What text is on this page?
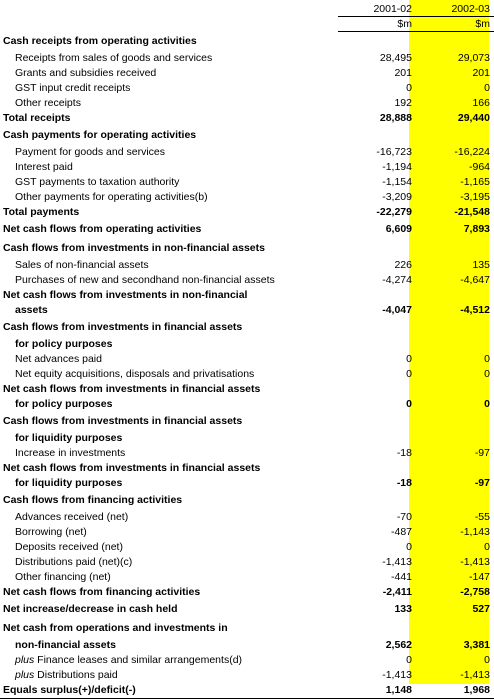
	2001-02	2002-03
	$m	$m
Cash receipts from operating activities		
Receipts from sales of goods and services	28,495	29,073
Grants and subsidies received	201	201
GST input credit receipts	0	0
Other receipts	192	166
Total receipts	28,888	29,440
Cash payments for operating activities		
Payment for goods and services	-16,723	-16,224
Interest paid	-1,194	-964
GST payments to taxation authority	-1,154	-1,165
Other payments for operating activities(b)	-3,209	-3,195
Total payments	-22,279	-21,548
Net cash flows from operating activities	6,609	7,893
Cash flows from investments in non-financial assets		
Sales of non-financial assets	226	135
Purchases of new and secondhand non-financial assets	-4,274	-4,647
Net cash flows from investments in non-financial		
assets	-4,047	-4,512
Cash flows from investments in financial assets		
for policy purposes		
Net advances paid	0	0
Net equity acquisitions, disposals and privatisations	0	0
Net cash flows from investments in financial assets		
for policy purposes	0	0
Cash flows from investments in financial assets		
for liquidity purposes		
Increase in investments	-18	-97
Net cash flows from investments in financial assets		
for liquidity purposes	-18	-97
Cash flows from financing activities		
Advances received (net)	-70	-55
Borrowing (net)	-487	-1,143
Deposits received (net)	0	0
Distributions paid (net)(c)	-1,413	-1,413
Other financing (net)	-441	-147
Net cash flows from financing activities	-2,411	-2,758
Net increase/decrease in cash held	133	527
Net cash from operations and investments in		
non-financial assets	2,562	3,381
plus Finance leases and similar arrangements(d)	0	0
plus Distributions paid	-1,413	-1,413
Equals surplus(+)/deficit(-)	1,148	1,968
